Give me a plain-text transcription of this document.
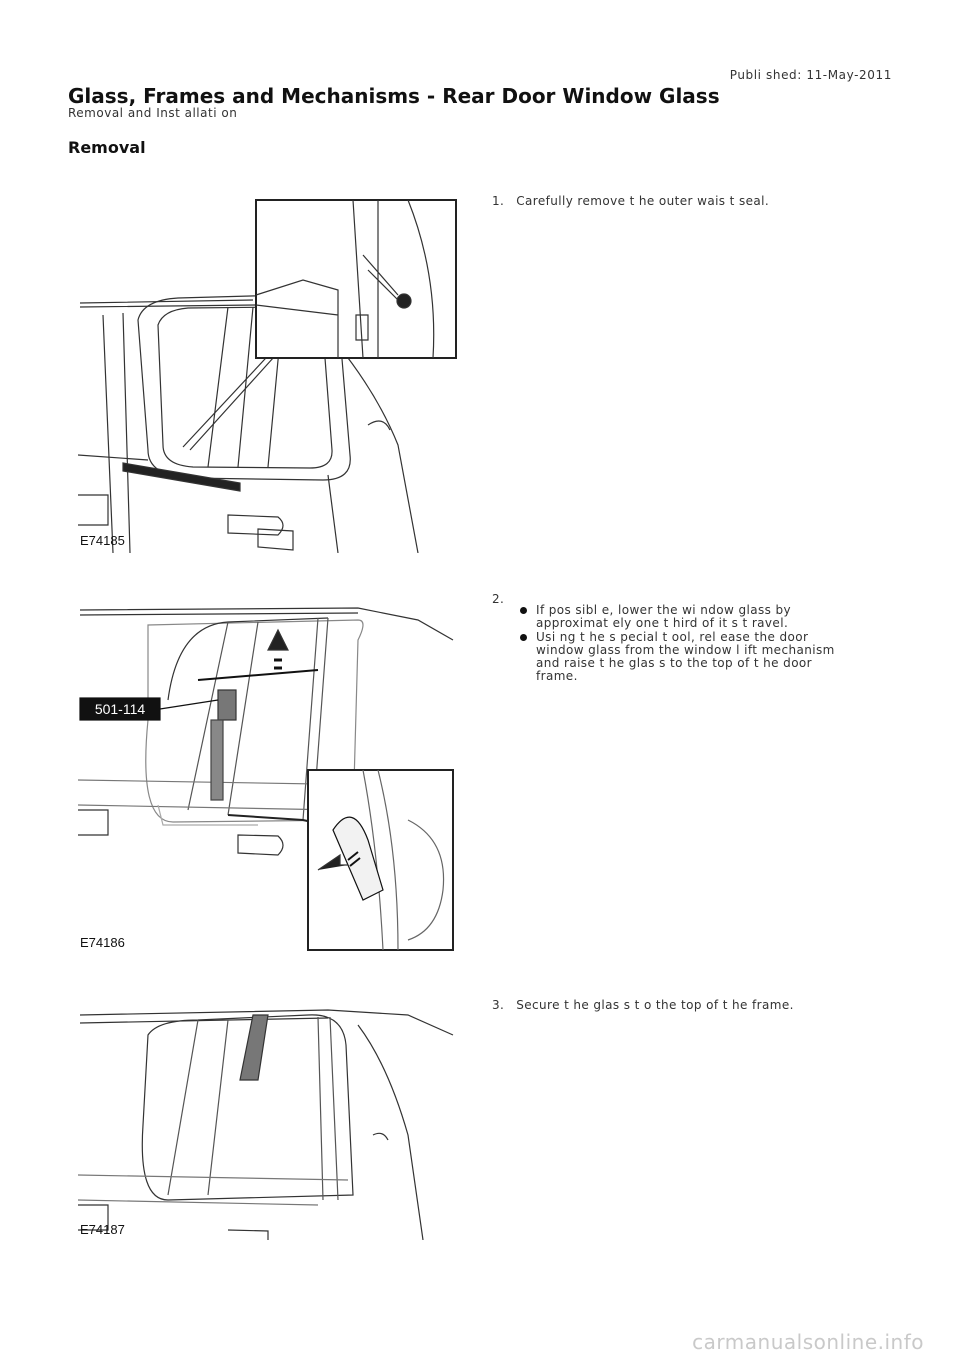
Publi shed: 11-May-2011
Glass, Frames and Mechanisms - Rear Door Window Glass
Removal and Inst allati on
Removal
E74185
1. Carefully remove t he outer wais t seal.
501-114
E74186
2.
If pos sibl e, lower the wi ndow glass by approximat ely one t hird of it s t ravel.
Usi ng t he s pecial t ool, rel ease the door window glass from the window l ift mechanism and raise t he glas s to the top of t he door frame.
E74187
3. Secure t he glas s t o the top of t he frame.
carmanualsonline.info
